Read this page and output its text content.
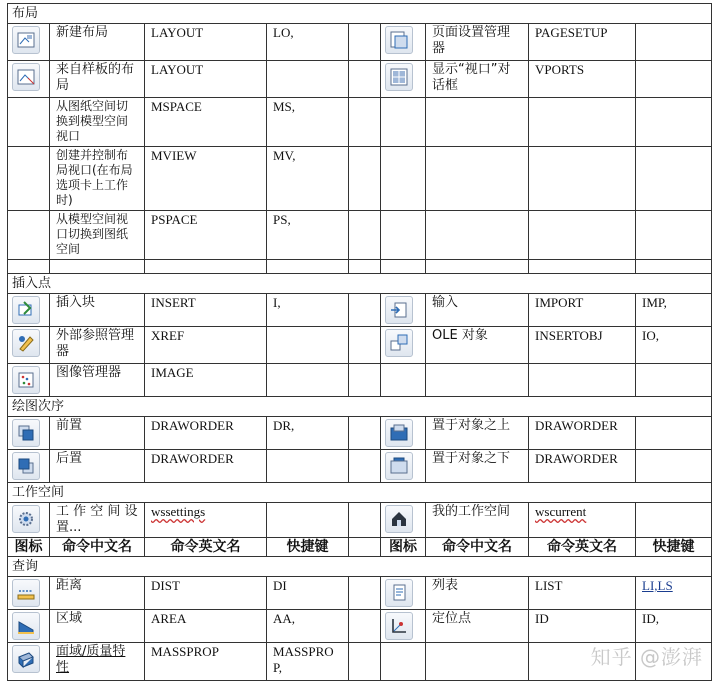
布局								

	新建布局	LAYOUT	LO,			页面设置管理器	PAGESETUP	

	来自样板的布局	LAYOUT				显示“视口”对话框	VPORTS	
	从图纸空间切换到模型空间视口	MSPACE	MS,					
	创建并控制布局视口(在布局选项卡上工作时)	MVIEW	MV,					
	从模型空间视口切换到图纸空间	PSPACE	PS,					

插入点								

	插入块	INSERT	I,			输入	IMPORT	IMP,

	外部参照管理器	XREF				OLE 对象	INSERTOBJ	IO,

	图像管理器	IMAGE						
绘图次序								

	前置	DRAWORDER	DR,			置于对象之上	DRAWORDER	

	后置	DRAWORDER				置于对象之下	DRAWORDER	
工作空间								

	工 作 空 间 设 置...	wssettings				我的工作空间	wscurrent	
图标	命令中文名	命令英文名	快捷键		图标	命令中文名	命令英文名	快捷键
查询								

	距离	DIST	DI			列表	LIST	LI,LS

	区域	AREA	AA,			定位点	ID	ID,

	面域/质量特性	MASSPROP	MASSPROP,						知乎 @澎湃
